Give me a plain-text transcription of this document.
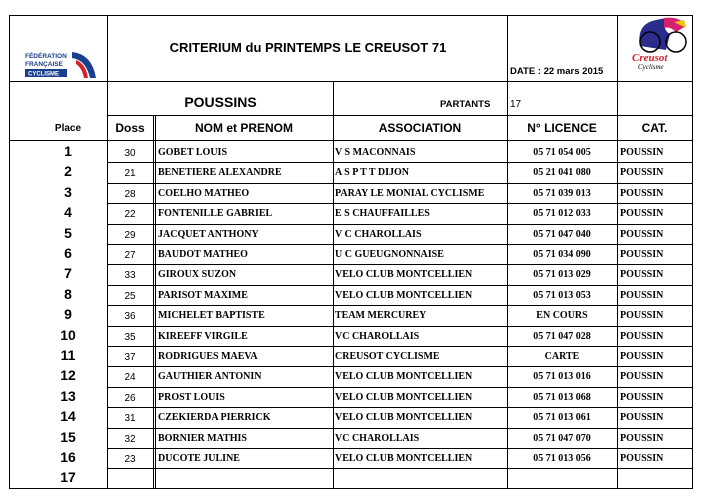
FÉDÉRATION
FRANÇAISE
CYCLISME
Creusot
Cyclisme
CRITERIUM du PRINTEMPS LE CREUSOT 71
DATE : 22 mars 2015
POUSSINS	PARTANTS 17
Place	Doss	NOM et PRENOM	ASSOCIATION	N° LICENCE	CAT.
1	30	GOBET LOUIS	V S MACONNAIS	05 71 054 005	POUSSIN
2	21	BENETIERE ALEXANDRE	A S P T T DIJON	05 21 041 080	POUSSIN
3	28	COELHO MATHEO	PARAY LE MONIAL CYCLISME	05 71 039 013	POUSSIN
4	22	FONTENILLE GABRIEL	E S CHAUFFAILLES	05 71 012 033	POUSSIN
5	29	JACQUET ANTHONY	V C CHAROLLAIS	05 71 047 040	POUSSIN
6	27	BAUDOT MATHEO	U C GUEUGNONNAISE	05 71 034 090	POUSSIN
7	33	GIROUX SUZON	VELO CLUB MONTCELLIEN	05 71 013 029	POUSSIN
8	25	PARISOT MAXIME	VELO CLUB MONTCELLIEN	05 71 013 053	POUSSIN
9	36	MICHELET BAPTISTE	TEAM MERCUREY	EN COURS	POUSSIN
10	35	KIREEFF VIRGILE	VC CHAROLLAIS	05 71 047 028	POUSSIN
11	37	RODRIGUES MAEVA	CREUSOT CYCLISME	CARTE	POUSSIN
12	24	GAUTHIER ANTONIN	VELO CLUB MONTCELLIEN	05 71 013 016	POUSSIN
13	26	PROST LOUIS	VELO CLUB MONTCELLIEN	05 71 013 068	POUSSIN
14	31	CZEKIERDA PIERRICK	VELO CLUB MONTCELLIEN	05 71 013 061	POUSSIN
15	32	BORNIER MATHIS	VC CHAROLLAIS	05 71 047 070	POUSSIN
16	23	DUCOTE JULINE	VELO CLUB MONTCELLIEN	05 71 013 056	POUSSIN
17
